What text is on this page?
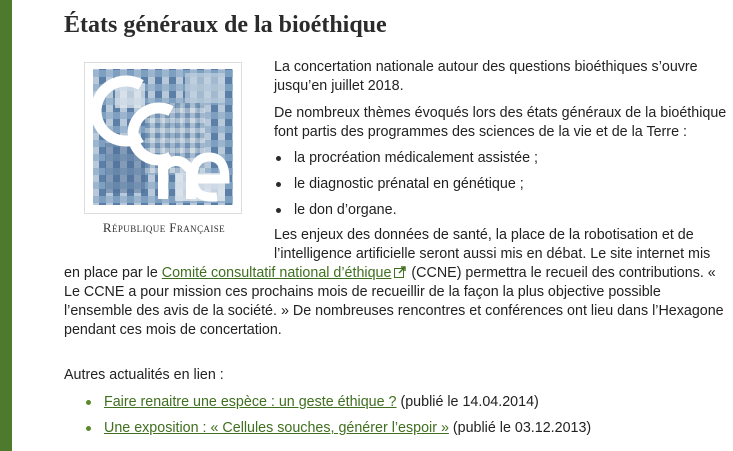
États généraux de la bioéthique
République Française

La concertation nationale autour des questions bioéthiques s’ouvre

jusqu’en juillet 2018.

De nombreux thèmes évoqués lors des états généraux de la bioéthique

font partis des programmes des sciences de la vie et de la Terre :

la procréation médicalement assistée ;
le diagnostic prénatal en génétique ;
le don d’organe.

Les enjeux des données de santé, la place de la robotisation et de

l’intelligence artificielle seront aussi mis en débat. Le site internet mis

en place par le Comité consultatif national d’éthique (CCNE) permettra le recueil des contributions. «

Le CCNE a pour mission ces prochains mois de recueillir de la façon la plus objective possible

l’ensemble des avis de la société. » De nombreuses rencontres et conférences ont lieu dans l’Hexagone

pendant ces mois de concertation.

Autres actualités en lien :

Faire renaitre une espèce : un geste éthique ? (publié le 14.04.2014)
Une exposition : « Cellules souches, générer l’espoir » (publié le 03.12.2013)
